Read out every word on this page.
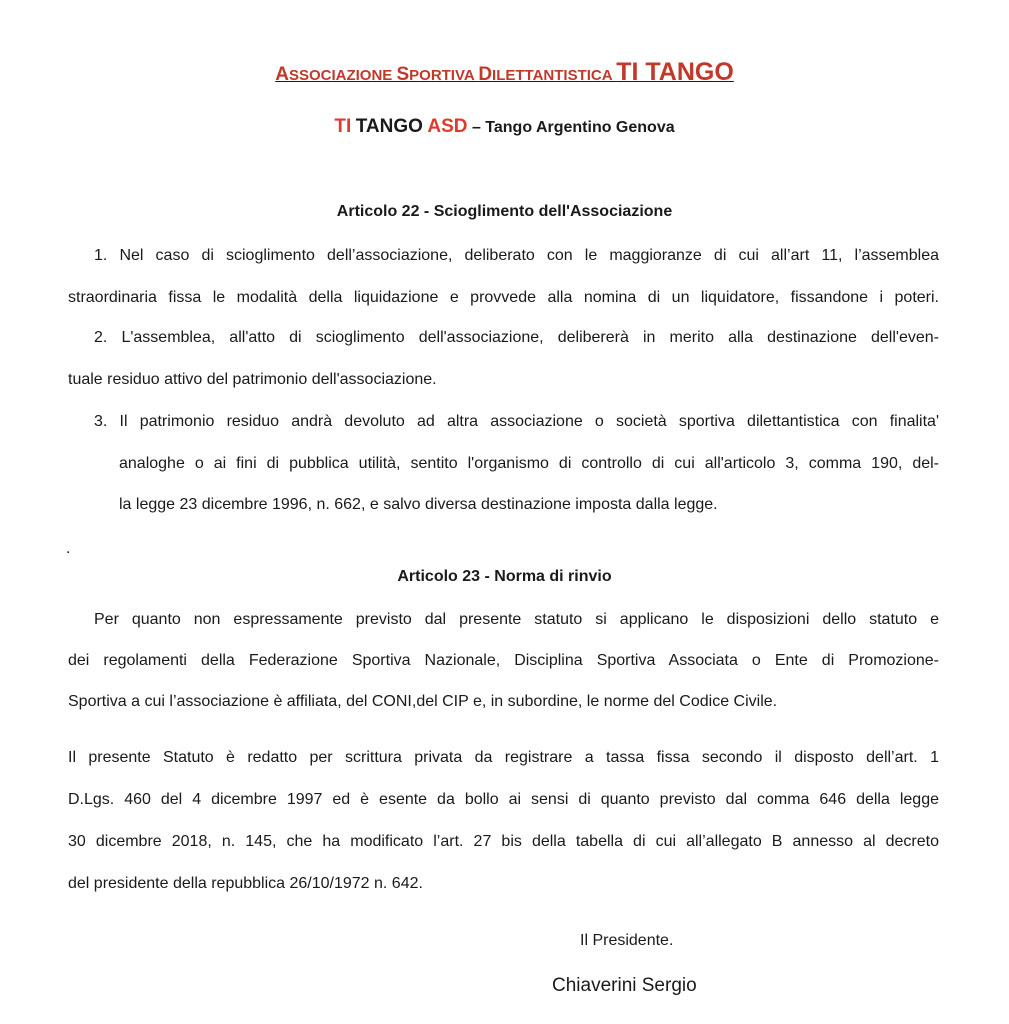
ASSOCIAZIONE SPORTIVA DILETTANTISTICA TI TANGO
TI TANGO ASD – Tango Argentino Genova
Articolo 22 - Scioglimento dell'Associazione
1. Nel caso di scioglimento dell’associazione, deliberato con le maggioranze di cui all’art 11, l’assemblea
straordinaria fissa le modalità della liquidazione e provvede alla nomina di un liquidatore, fissandone i poteri.
2. L'assemblea, all'atto di scioglimento dell'associazione, delibererà in merito alla destinazione dell'even-
tuale residuo attivo del patrimonio dell'associazione.
3. Il patrimonio residuo andrà devoluto ad altra associazione o società sportiva dilettantistica con finalita'
analoghe o ai fini di pubblica utilità, sentito l'organismo di controllo di cui all'articolo 3, comma 190, del-
la legge 23 dicembre 1996, n. 662, e salvo diversa destinazione imposta dalla legge.
.
Articolo 23 - Norma di rinvio
Per quanto non espressamente previsto dal presente statuto si applicano le disposizioni dello statuto e
dei regolamenti della Federazione Sportiva Nazionale, Disciplina Sportiva Associata o Ente di Promozione-
Sportiva a cui l’associazione è affiliata, del CONI,del CIP e, in subordine, le norme del Codice Civile.
Il presente Statuto è redatto per scrittura privata da registrare a tassa fissa secondo il disposto dell’art. 1
D.Lgs. 460 del 4 dicembre 1997 ed è esente da bollo ai sensi di quanto previsto dal comma 646 della legge
30 dicembre 2018, n. 145, che ha modificato l’art. 27 bis della tabella di cui all’allegato B annesso al decreto
del presidente della repubblica 26/10/1972 n. 642.
Il Presidente.
Chiaverini Sergio
